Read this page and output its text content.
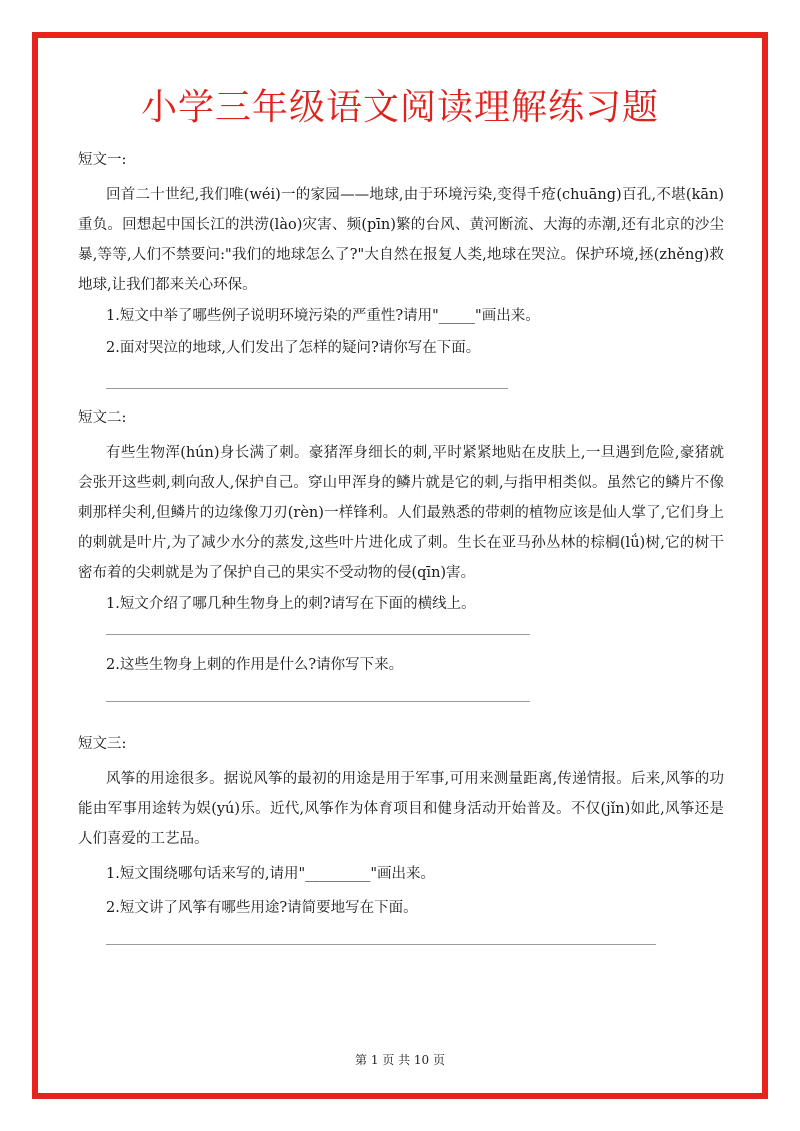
小学三年级语文阅读理解练习题
短文一:

回首二十世纪,我们唯(wéi)一的家园——地球,由于环境污染,变得千疮(chuāng)百孔,不堪(kān)重负。回想起中国长江的洪涝(lào)灾害、频(pīn)繁的台风、黄河断流、大海的赤潮,还有北京的沙尘暴,等等,人们不禁要问:"我们的地球怎么了?"大自然在报复人类,地球在哭泣。保护环境,拯(zhěng)救地球,让我们都来关心环保。

1.短文中举了哪些例子说明环境污染的严重性?请用"_____"画出来。
2.面对哭泣的地球,人们发出了怎样的疑问?请你写在下面。
短文二:

有些生物浑(hún)身长满了刺。豪猪浑身细长的刺,平时紧紧地贴在皮肤上,一旦遇到危险,豪猪就会张开这些刺,刺向敌人,保护自己。穿山甲浑身的鳞片就是它的刺,与指甲相类似。虽然它的鳞片不像刺那样尖利,但鳞片的边缘像刀刃(rèn)一样锋利。人们最熟悉的带刺的植物应该是仙人掌了,它们身上的刺就是叶片,为了减少水分的蒸发,这些叶片进化成了刺。生长在亚马孙丛林的棕榈(lǘ)树,它的树干密布着的尖刺就是为了保护自己的果实不受动物的侵(qīn)害。

1.短文介绍了哪几种生物身上的刺?请写在下面的横线上。
2.这些生物身上刺的作用是什么?请你写下来。
短文三:

风筝的用途很多。据说风筝的最初的用途是用于军事,可用来测量距离,传递情报。后来,风筝的功能由军事用途转为娱(yú)乐。近代,风筝作为体育项目和健身活动开始普及。不仅(jǐn)如此,风筝还是人们喜爱的工艺品。

1.短文围绕哪句话来写的,请用"_________"画出来。
2.短文讲了风筝有哪些用途?请简要地写在下面。
第 1 页 共 10 页
